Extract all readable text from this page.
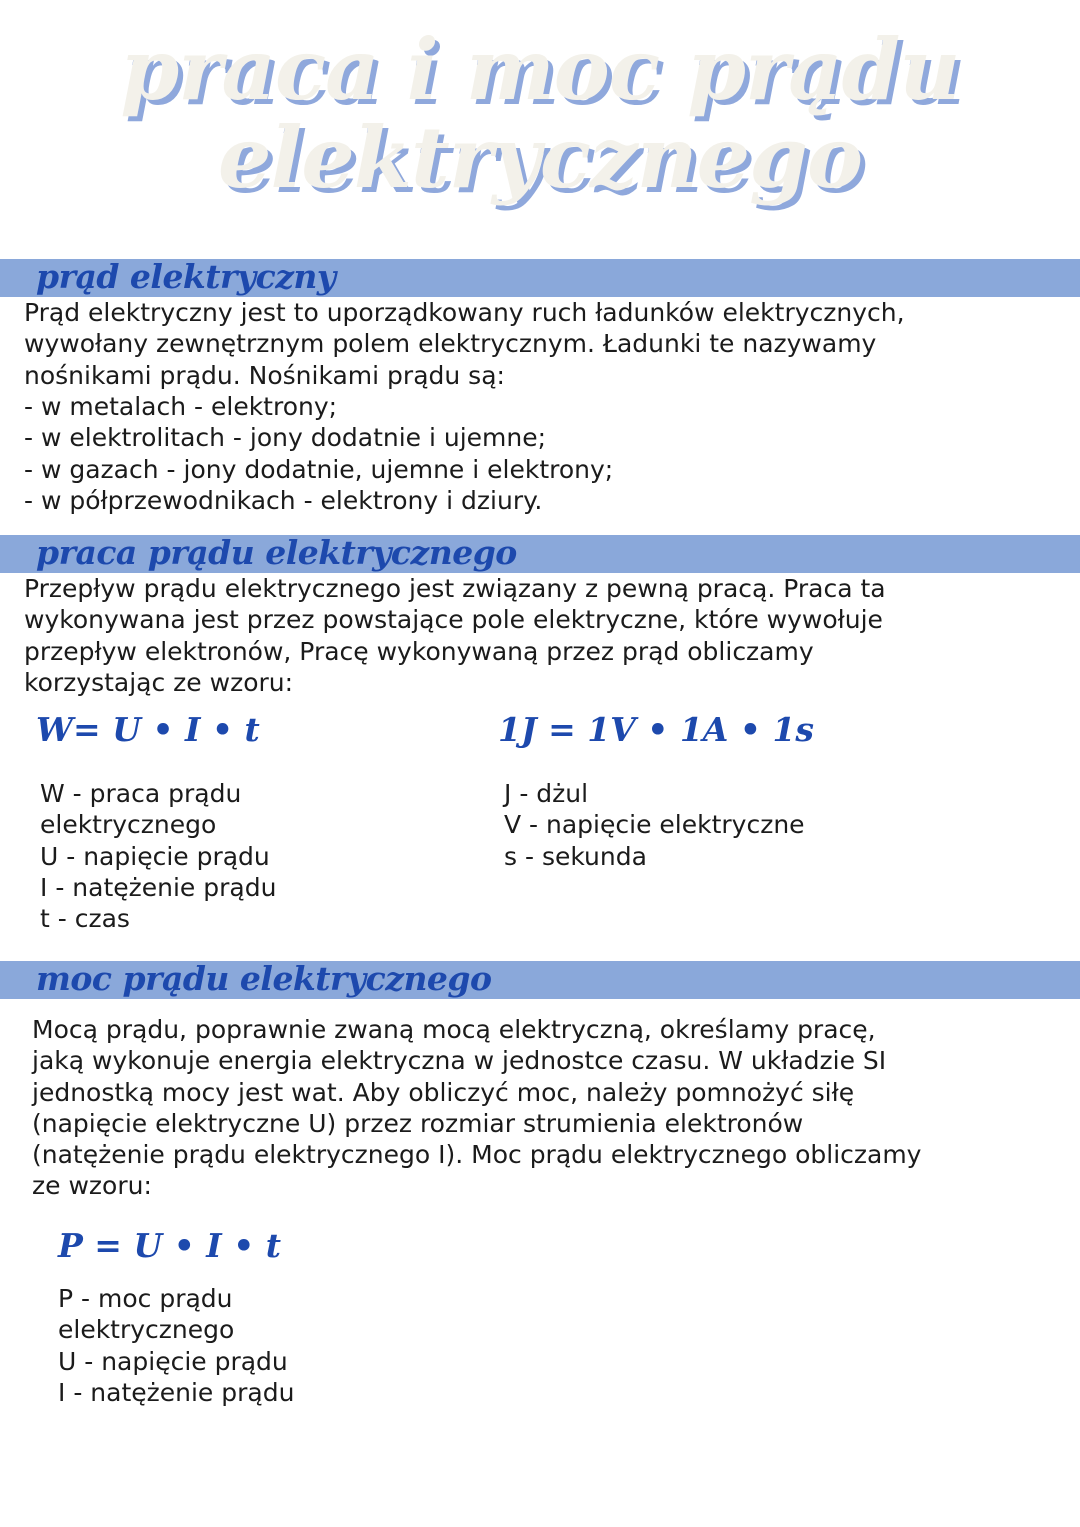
praca i moc prądu
elektrycznego
prąd elektryczny
Prąd elektryczny jest to uporządkowany ruch ładunków elektrycznych,
wywołany zewnętrznym polem elektrycznym. Ładunki te nazywamy
nośnikami prądu. Nośnikami prądu są:
- w metalach - elektrony;
- w elektrolitach - jony dodatnie i ujemne;
- w gazach - jony dodatnie, ujemne i elektrony;
- w półprzewodnikach - elektrony i dziury.
praca prądu elektrycznego
Przepływ prądu elektrycznego jest związany z pewną pracą. Praca ta
wykonywana jest przez powstające pole elektryczne, które wywołuje
przepływ elektronów, Pracę wykonywaną przez prąd obliczamy
korzystając ze wzoru:
W= U • I • t	1J = 1V • 1A • 1s
W - praca prądu
elektrycznego
U - napięcie prądu
I - natężenie prądu
t - czas
J - dżul
V - napięcie elektryczne
s - sekunda
moc prądu elektrycznego
Mocą prądu, poprawnie zwaną mocą elektryczną, określamy pracę,
jaką wykonuje energia elektryczna w jednostce czasu. W układzie SI
jednostką mocy jest wat. Aby obliczyć moc, należy pomnożyć siłę
(napięcie elektryczne U) przez rozmiar strumienia elektronów
(natężenie prądu elektrycznego I). Moc prądu elektrycznego obliczamy
ze wzoru:
P = U • I • t
P - moc prądu
elektrycznego
U - napięcie prądu
I - natężenie prądu
